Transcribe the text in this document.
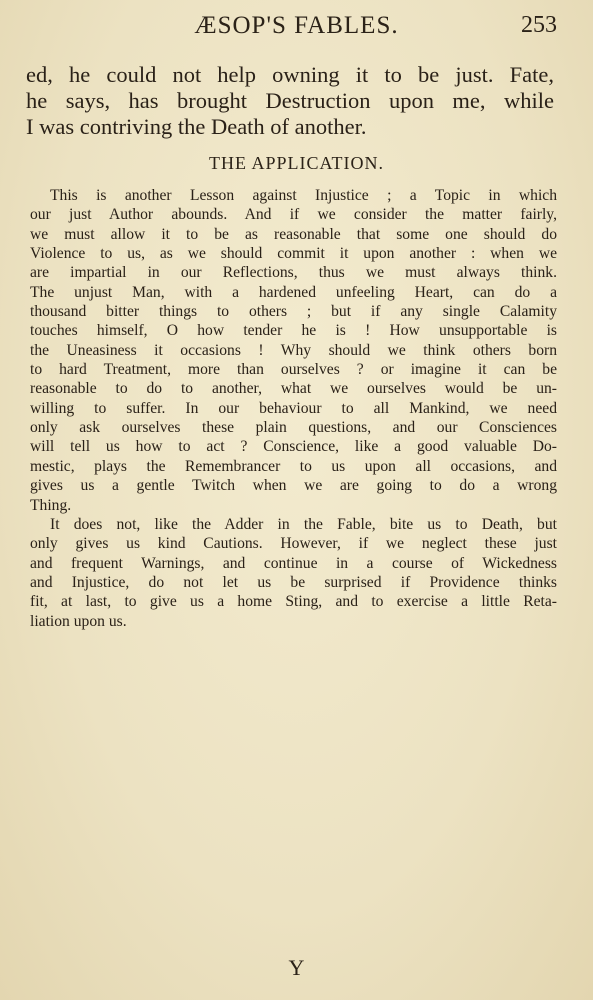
ÆSOP'S FABLES.	253
ed, he could not help owning it to be just. Fate,
he says, has brought Destruction upon me, while
I was contriving the Death of another.
THE APPLICATION.
This is another Lesson against Injustice ; a Topic in which
our just Author abounds. And if we consider the matter fairly,
we must allow it to be as reasonable that some one should do
Violence to us, as we should commit it upon another : when we
are impartial in our Reflections, thus we must always think.
The unjust Man, with a hardened unfeeling Heart, can do a
thousand bitter things to others ; but if any single Calamity
touches himself, O how tender he is ! How unsupportable is
the Uneasiness it occasions ! Why should we think others born
to hard Treatment, more than ourselves ? or imagine it can be
reasonable to do to another, what we ourselves would be un-
willing to suffer. In our behaviour to all Mankind, we need
only ask ourselves these plain questions, and our Consciences
will tell us how to act ? Conscience, like a good valuable Do-
mestic, plays the Remembrancer to us upon all occasions, and
gives us a gentle Twitch when we are going to do a wrong
Thing.
It does not, like the Adder in the Fable, bite us to Death, but
only gives us kind Cautions. However, if we neglect these just
and frequent Warnings, and continue in a course of Wickedness
and Injustice, do not let us be surprised if Providence thinks
fit, at last, to give us a home Sting, and to exercise a little Reta-
liation upon us.
Y
